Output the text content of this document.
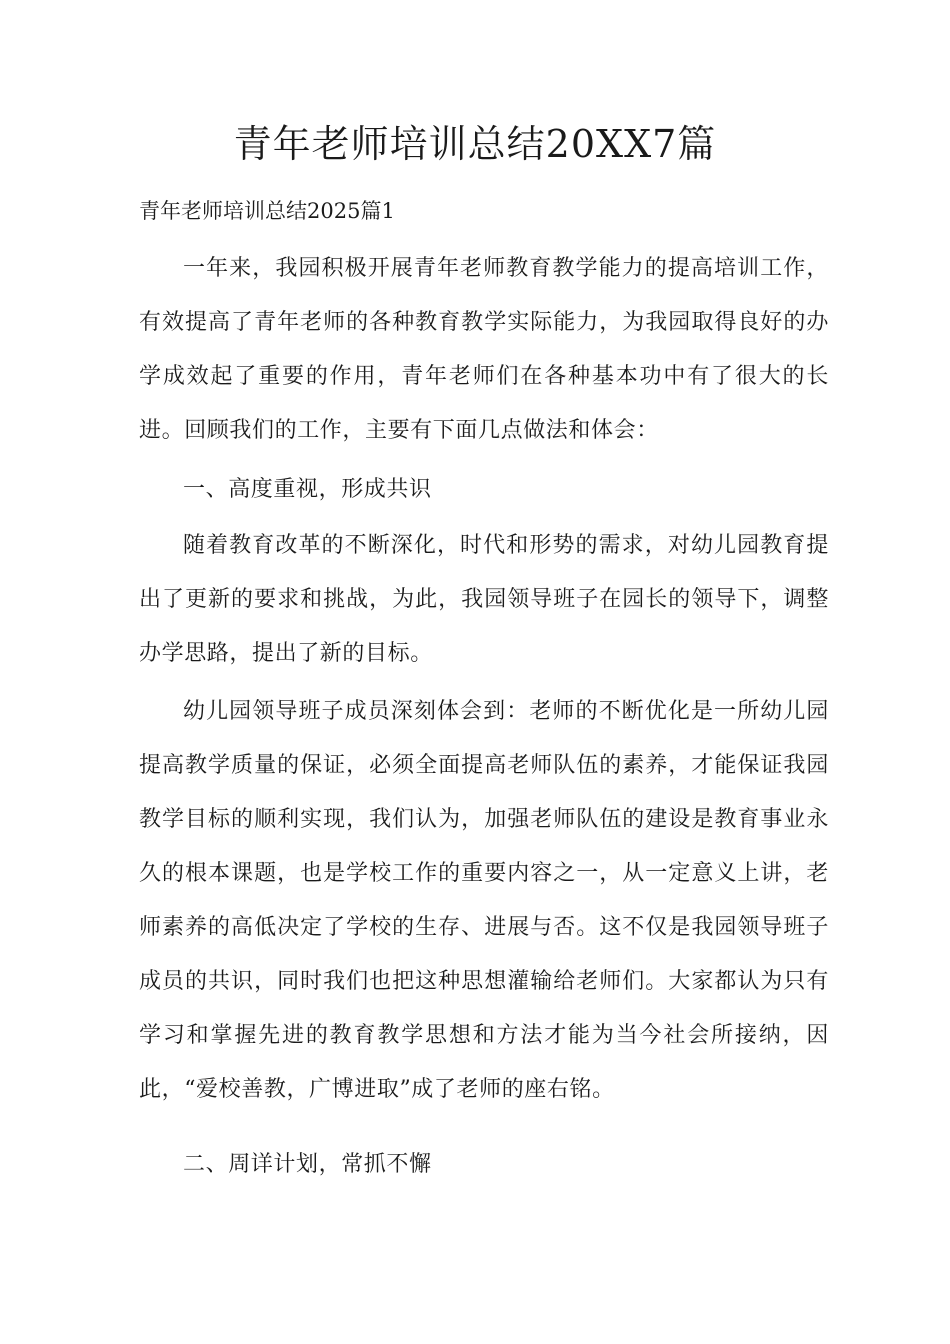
青年老师培训总结20XX7篇

青年老师培训总结2025篇1

一年来，我园积极开展青年老师教育教学能力的提高培训工作，有效提高了青年老师的各种教育教学实际能力，为我园取得良好的办学成效起了重要的作用，青年老师们在各种基本功中有了很大的长进。回顾我们的工作，主要有下面几点做法和体会：

一、高度重视，形成共识

随着教育改革的不断深化，时代和形势的需求，对幼儿园教育提出了更新的要求和挑战，为此，我园领导班子在园长的领导下，调整办学思路，提出了新的目标。

幼儿园领导班子成员深刻体会到：老师的不断优化是一所幼儿园提高教学质量的保证，必须全面提高老师队伍的素养，才能保证我园教学目标的顺利实现，我们认为，加强老师队伍的建设是教育事业永久的根本课题，也是学校工作的重要内容之一，从一定意义上讲，老师素养的高低决定了学校的生存、进展与否。这不仅是我园领导班子成员的共识，同时我们也把这种思想灌输给老师们。大家都认为只有学习和掌握先进的教育教学思想和方法才能为当今社会所接纳，因此，“爱校善教，广博进取”成了老师的座右铭。

二、周详计划，常抓不懈
